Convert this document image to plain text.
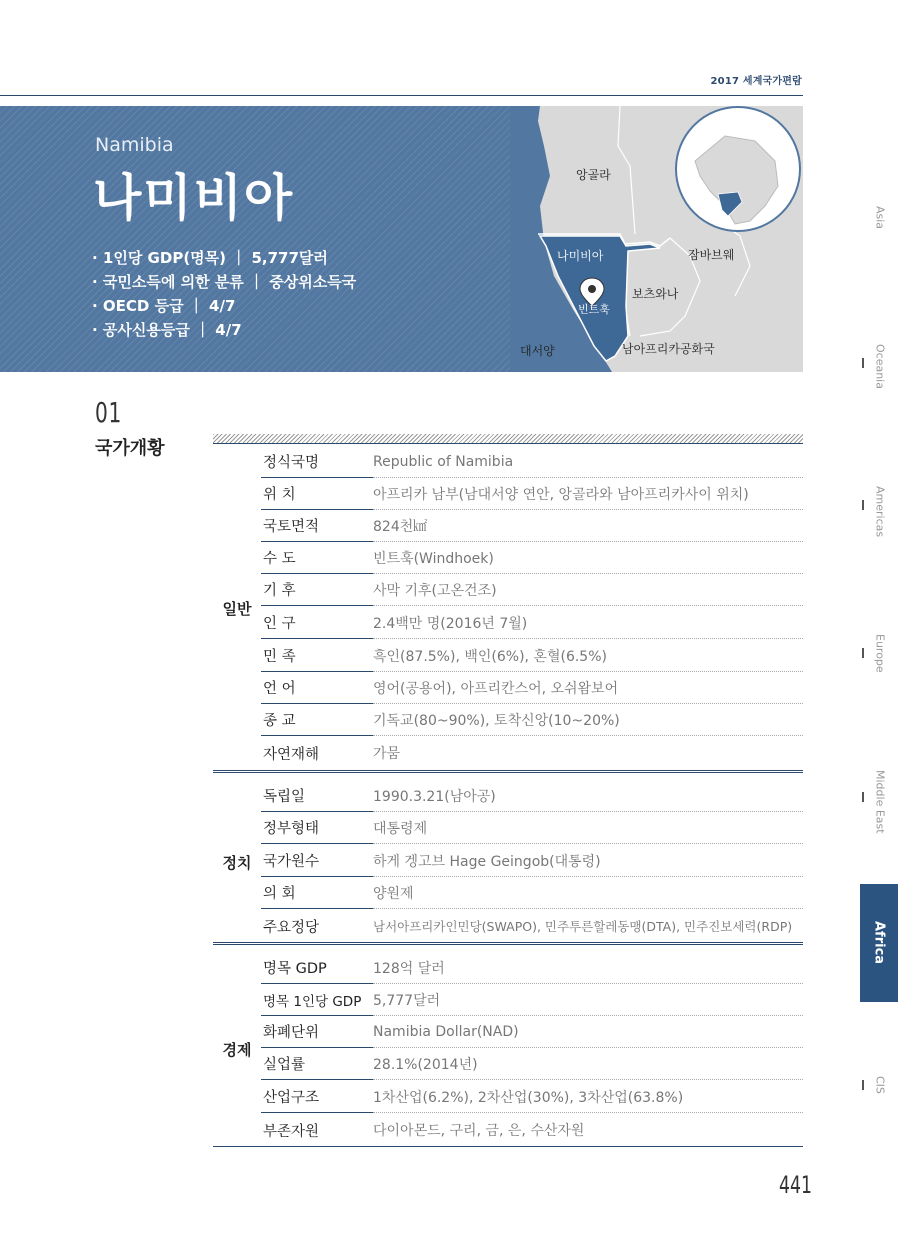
2017 세계국가편람
Namibia
나미비아
· 1인당 GDP(명목) ｜ 5,777달러
· 국민소득에 의한 분류 ｜ 중상위소득국
· OECD 등급 ｜ 4/7
· 공사신용등급 ｜ 4/7
앙골라
잠바브웨
나미비아
빈트훅
보츠와나
대서양	남아프리카공화국
01
국가개황
일반
정식국명	Republic of Namibia
위 치	아프리카 남부(남대서양 연안, 앙골라와 남아프리카사이 위치)
국토면적	824천㎢
수 도	빈트훅(Windhoek)
기 후	사막 기후(고온건조)
인 구	2.4백만 명(2016년 7월)
민 족	흑인(87.5%), 백인(6%), 혼혈(6.5%)
언 어	영어(공용어), 아프리칸스어, 오쉬왐보어
종 교	기독교(80~90%), 토착신앙(10~20%)
자연재해	가뭄
정치
독립일	1990.3.21(남아공)
정부형태	대통령제
국가원수	하게 겡고브 Hage Geingob(대통령)
의 회	양원제
주요정당	남서아프리카인민당(SWAPO), 민주투른할레동맹(DTA), 민주진보세력(RDP)
경제
명목 GDP	128억 달러
명목 1인당 GDP 5,777달러
화폐단위	Namibia Dollar(NAD)
실업률	28.1%(2014년)
산업구조	1차산업(6.2%), 2차산업(30%), 3차산업(63.8%)
부존자원	다이아몬드, 구리, 금, 은, 수산자원
441
Asia
Oceania
Americas
Europe
Middle East
Africa
CIS
